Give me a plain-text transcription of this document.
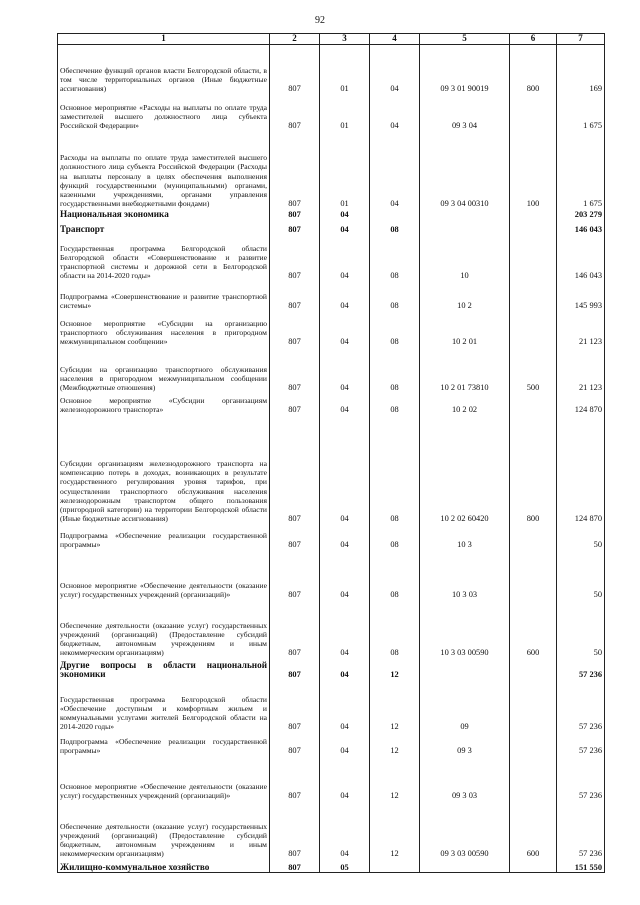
92
1	2	3	4	5	6	7
Обеспечение функций органов власти Белгородской области, в том числе территориальных органов (Иные бюджетные ассигнования)	807	01	04	09 3 01 90019	800	169
Основное мероприятие «Расходы на выплаты по оплате труда заместителей высшего должностного лица субъекта Российской Федерации»	807	01	04	09 3 04		1 675
Расходы на выплаты по оплате труда заместителей высшего должностного лица субъекта Российской Федерации (Расходы на выплаты персоналу в целях обеспечения выполнения функций государственными (муниципальными) органами, казенными учреждениями, органами управления государственными внебюджетными фондами)	807	01	04	09 3 04 00310	100	1 675
Национальная экономика	807	04				203 279
Транспорт	807	04	08			146 043
Государственная программа Белгородской области Белгородской области «Совершенствование и развитие транспортной системы и дорожной сети в Белгородской области на 2014-2020 годы»	807	04	08	10		146 043
Подпрограмма «Совершенствование и развитие транспортной системы»	807	04	08	10 2		145 993
Основное мероприятие «Субсидии на организацию транспортного обслуживания населения в пригородном межмуниципальном сообщении»	807	04	08	10 2 01		21 123
Субсидии на организацию транспортного обслуживания населения в пригородном межмуниципальном сообщении (Межбюджетные отношения)	807	04	08	10 2 01 73810	500	21 123
Основное мероприятие «Субсидии организациям железнодорожного транспорта»	807	04	08	10 2 02		124 870
Субсидии организациям железнодорожного транспорта на компенсацию потерь в доходах, возникающих в результате государственного регулирования уровня тарифов, при осуществлении транспортного обслуживания населения железнодорожным транспортом общего пользования (пригородной категории) на территории Белгородской области (Иные бюджетные ассигнования)	807	04	08	10 2 02 60420	800	124 870
Подпрограмма «Обеспечение реализации государственной программы»	807	04	08	10 3		50
Основное мероприятие «Обеспечение деятельности (оказание услуг) государственных учреждений (организаций)»	807	04	08	10 3 03		50
Обеспечение деятельности (оказание услуг) государственных учреждений (организаций) (Предоставление субсидий бюджетным, автономным учреждениям и иным некоммерческим организациям)	807	04	08	10 3 03 00590	600	50
Другие вопросы в области национальной экономики	807	04	12			57 236
Государственная программа Белгородской области «Обеспечение доступным и комфортным жильем и коммунальными услугами жителей Белгородской области на 2014-2020 годы»	807	04	12	09		57 236
Подпрограмма «Обеспечение реализации государственной программы»	807	04	12	09 3		57 236
Основное мероприятие «Обеспечение деятельности (оказание услуг) государственных учреждений (организаций)»	807	04	12	09 3 03		57 236
Обеспечение деятельности (оказание услуг) государственных учреждений (организаций) (Предоставление субсидий бюджетным, автономным учреждениям и иным некоммерческим организациям)	807	04	12	09 3 03 00590	600	57 236
Жилищно-коммунальное хозяйство	807	05				151 550
